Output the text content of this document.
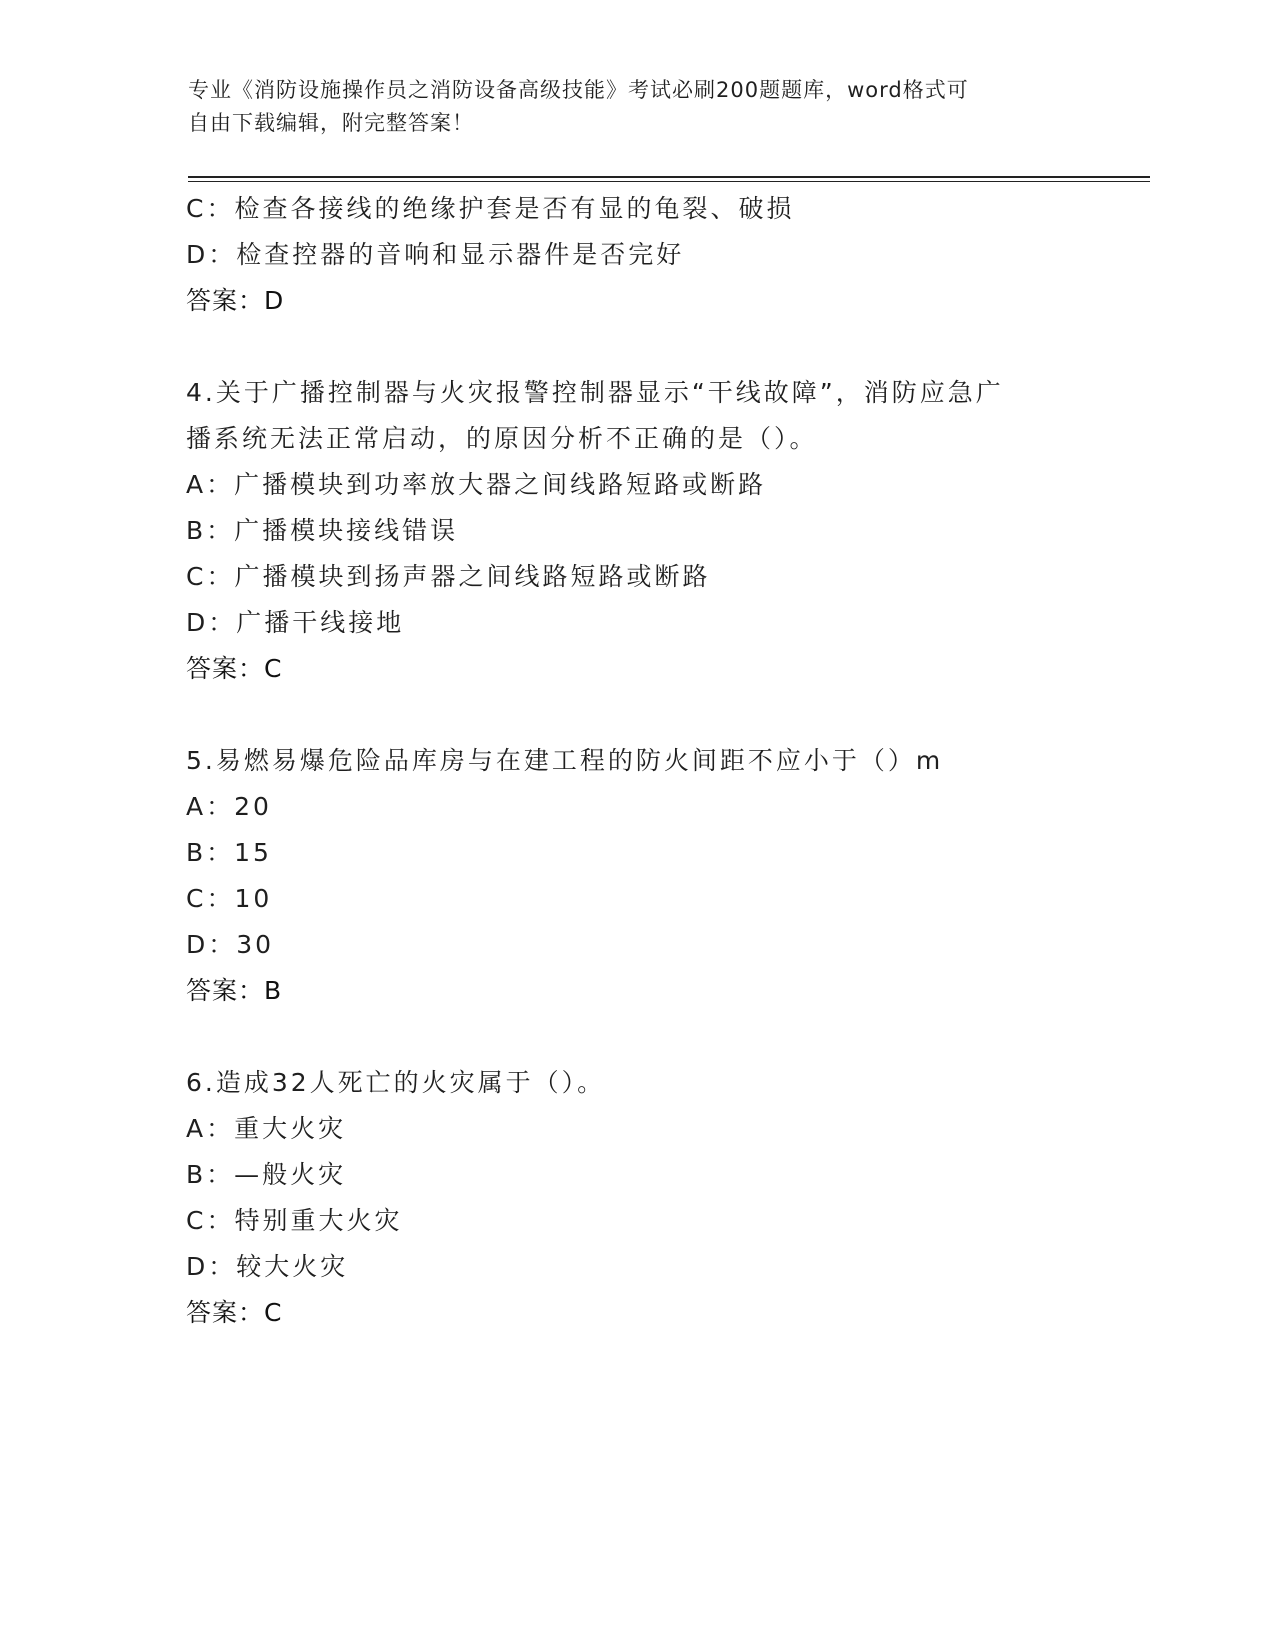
专业《消防设施操作员之消防设备高级技能》考试必刷200题题库，word格式可
自由下载编辑，附完整答案！
C：检查各接线的绝缘护套是否有显的龟裂、破损
D：检查控器的音响和显示器件是否完好
答案：D
4.关于广播控制器与火灾报警控制器显示“干线故障”，消防应急广
播系统无法正常启动，的原因分析不正确的是（）。
A：广播模块到功率放大器之间线路短路或断路
B：广播模块接线错误
C：广播模块到扬声器之间线路短路或断路
D：广播干线接地
答案：C
5.易燃易爆危险品库房与在建工程的防火间距不应小于（）m
A：20
B：15
C：10
D：30
答案：B
6.造成32人死亡的火灾属于（）。
A：重大火灾
B：—般火灾
C：特别重大火灾
D：较大火灾
答案：C
